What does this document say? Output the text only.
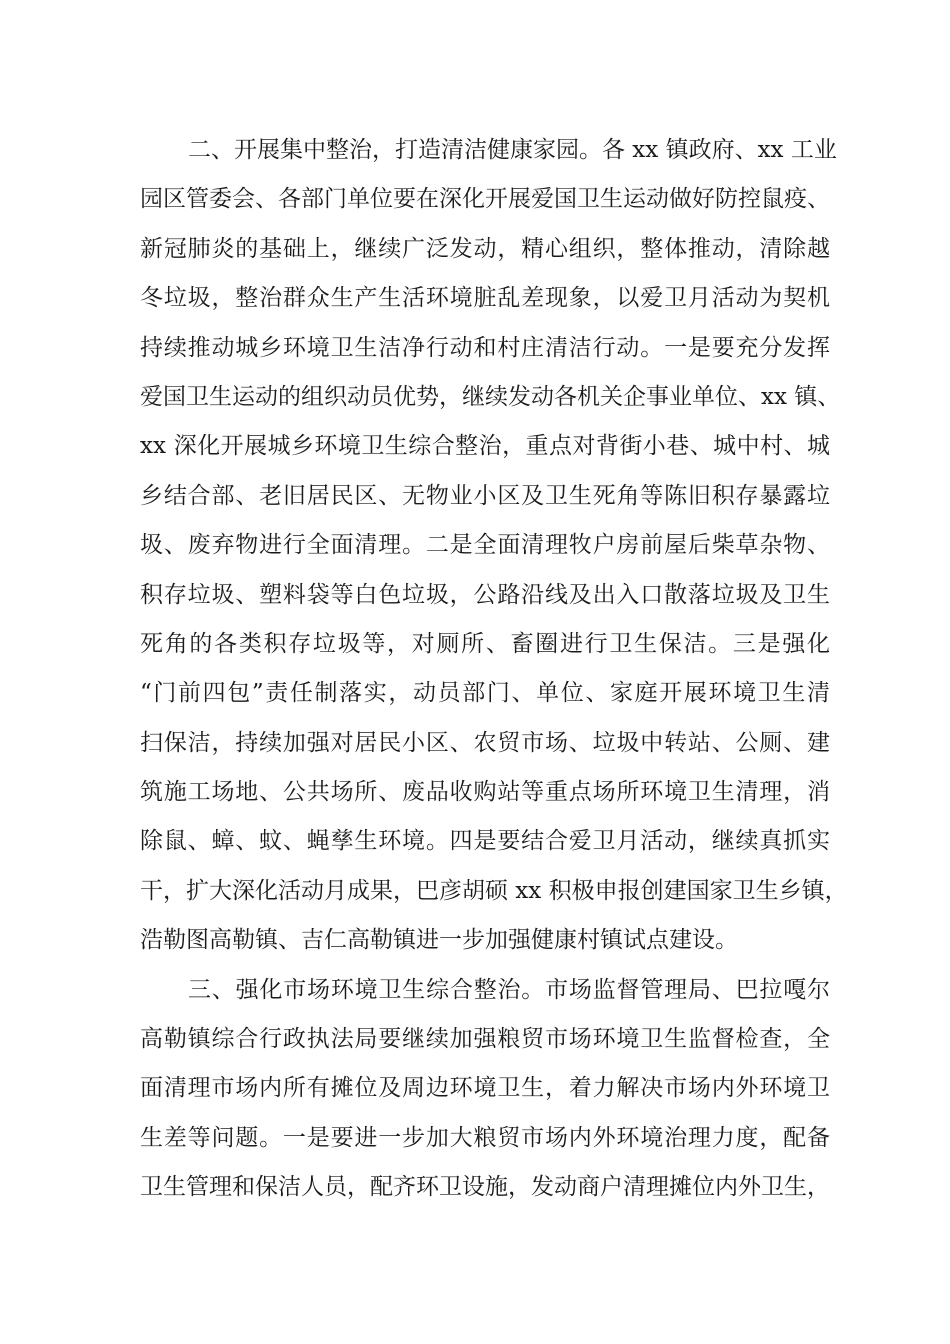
二、开展集中整治，打造清洁健康家园。各 xx 镇政府、xx 工业
园区管委会、各部门单位要在深化开展爱国卫生运动做好防控鼠疫、
新冠肺炎的基础上，继续广泛发动，精心组织，整体推动，清除越
冬垃圾，整治群众生产生活环境脏乱差现象，以爱卫月活动为契机
持续推动城乡环境卫生洁净行动和村庄清洁行动。一是要充分发挥
爱国卫生运动的组织动员优势，继续发动各机关企事业单位、xx 镇、
xx 深化开展城乡环境卫生综合整治，重点对背街小巷、城中村、城
乡结合部、老旧居民区、无物业小区及卫生死角等陈旧积存暴露垃
圾、废弃物进行全面清理。二是全面清理牧户房前屋后柴草杂物、
积存垃圾、塑料袋等白色垃圾，公路沿线及出入口散落垃圾及卫生
死角的各类积存垃圾等，对厕所、畜圈进行卫生保洁。三是强化
“门前四包”责任制落实，动员部门、单位、家庭开展环境卫生清
扫保洁，持续加强对居民小区、农贸市场、垃圾中转站、公厕、建
筑施工场地、公共场所、废品收购站等重点场所环境卫生清理，消
除鼠、蟑、蚊、蝇孳生环境。四是要结合爱卫月活动，继续真抓实
干，扩大深化活动月成果，巴彦胡硕 xx 积极申报创建国家卫生乡镇，
浩勒图高勒镇、吉仁高勒镇进一步加强健康村镇试点建设。
三、强化市场环境卫生综合整治。市场监督管理局、巴拉嘎尔
高勒镇综合行政执法局要继续加强粮贸市场环境卫生监督检查，全
面清理市场内所有摊位及周边环境卫生，着力解决市场内外环境卫
生差等问题。一是要进一步加大粮贸市场内外环境治理力度，配备
卫生管理和保洁人员，配齐环卫设施，发动商户清理摊位内外卫生，
